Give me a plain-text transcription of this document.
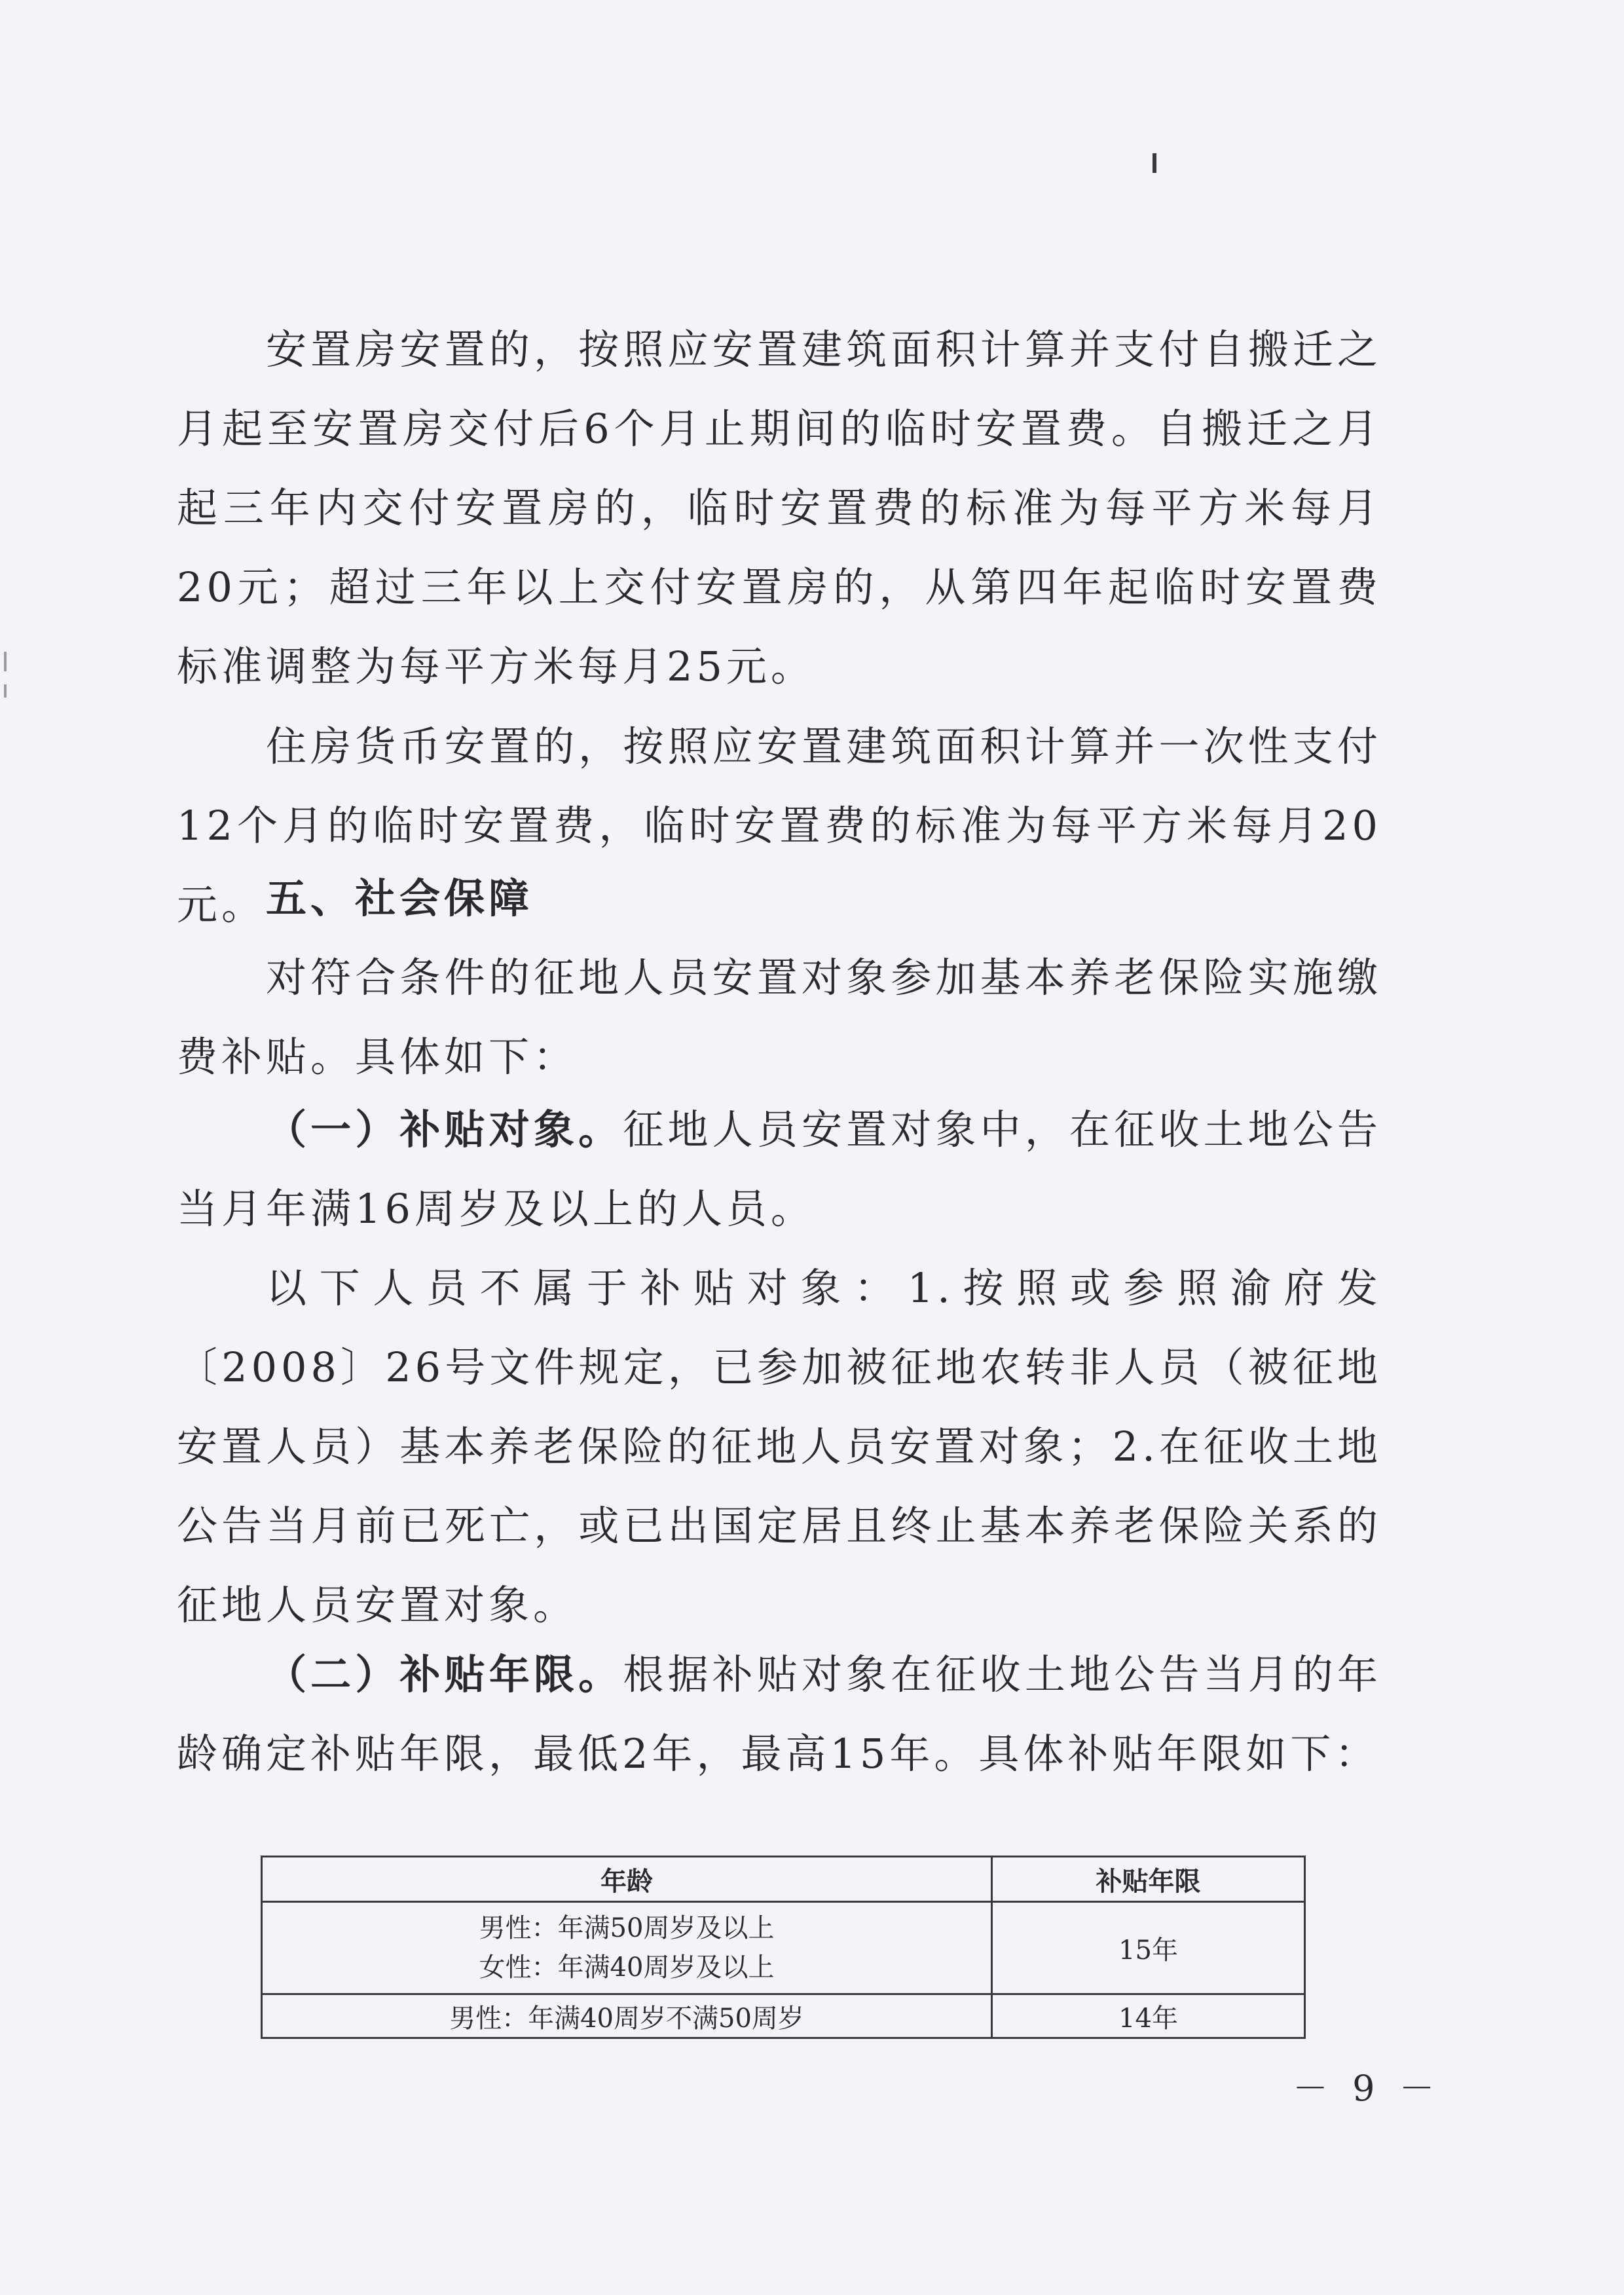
安置房安置的，按照应安置建筑面积计算并支付自搬迁之月起至安置房交付后6个月止期间的临时安置费。自搬迁之月起三年内交付安置房的，临时安置费的标准为每平方米每月20元；超过三年以上交付安置房的，从第四年起临时安置费标准调整为每平方米每月25元。

住房货币安置的，按照应安置建筑面积计算并一次性支付12个月的临时安置费，临时安置费的标准为每平方米每月20元。 五、社会保障

对符合条件的征地人员安置对象参加基本养老保险实施缴费补贴。具体如下：

（一）补贴对象。征地人员安置对象中，在征收土地公告当月年满16周岁及以上的人员。

以下人员不属于补贴对象：1.按照或参照渝府发〔2008〕26号文件规定，已参加被征地农转非人员（被征地安置人员）基本养老保险的征地人员安置对象；2.在征收土地公告当月前已死亡，或已出国定居且终止基本养老保险关系的征地人员安置对象。

（二）补贴年限。根据补贴对象在征收土地公告当月的年龄确定补贴年限，最低2年，最高15年。具体补贴年限如下：

年龄	补贴年限

男性：年满50周岁及以上
女性：年满40周岁及以上	15年
男性：年满40周岁不满50周岁	14年
－ 9 －
